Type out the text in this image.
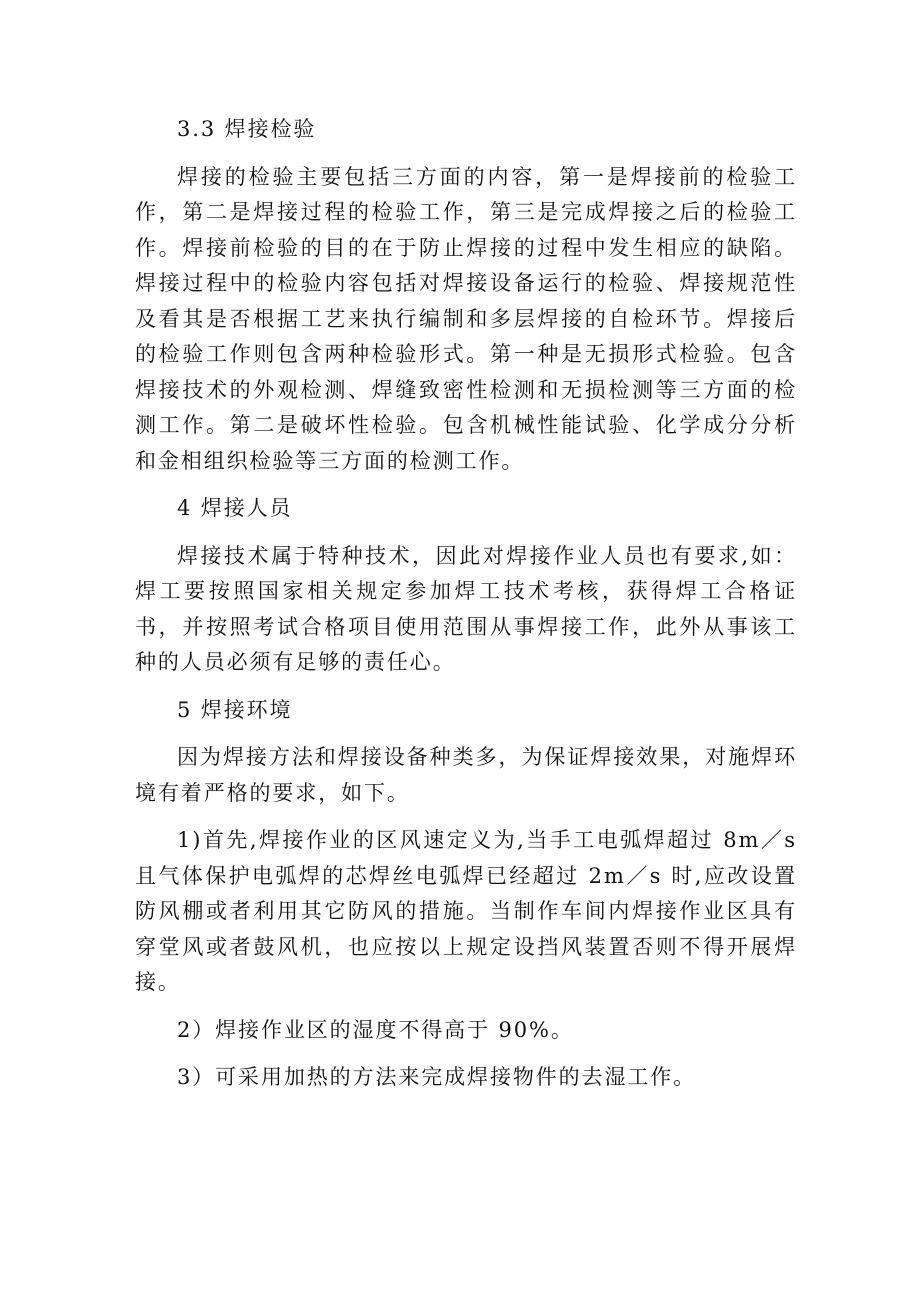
3.3 焊接检验

焊接的检验主要包括三方面的内容，第一是焊接前的检验工作，第二是焊接过程的检验工作，第三是完成焊接之后的检验工作。焊接前检验的目的在于防止焊接的过程中发生相应的缺陷。焊接过程中的检验内容包括对焊接设备运行的检验、焊接规范性及看其是否根据工艺来执行编制和多层焊接的自检环节。焊接后的检验工作则包含两种检验形式。第一种是无损形式检验。包含焊接技术的外观检测、焊缝致密性检测和无损检测等三方面的检测工作。第二是破坏性检验。包含机械性能试验、化学成分分析和金相组织检验等三方面的检测工作。

4 焊接人员

焊接技术属于特种技术，因此对焊接作业人员也有要求,如：焊工要按照国家相关规定参加焊工技术考核，获得焊工合格证书，并按照考试合格项目使用范围从事焊接工作，此外从事该工种的人员必须有足够的责任心。

5 焊接环境

因为焊接方法和焊接设备种类多，为保证焊接效果，对施焊环境有着严格的要求，如下。

1)首先,焊接作业的区风速定义为,当手工电弧焊超过 8m／s 且气体保护电弧焊的芯焊丝电弧焊已经超过 2m／s 时,应改设置防风棚或者利用其它防风的措施。当制作车间内焊接作业区具有穿堂风或者鼓风机，也应按以上规定设挡风装置否则不得开展焊接。

2）焊接作业区的湿度不得高于 90%。

3）可采用加热的方法来完成焊接物件的去湿工作。
